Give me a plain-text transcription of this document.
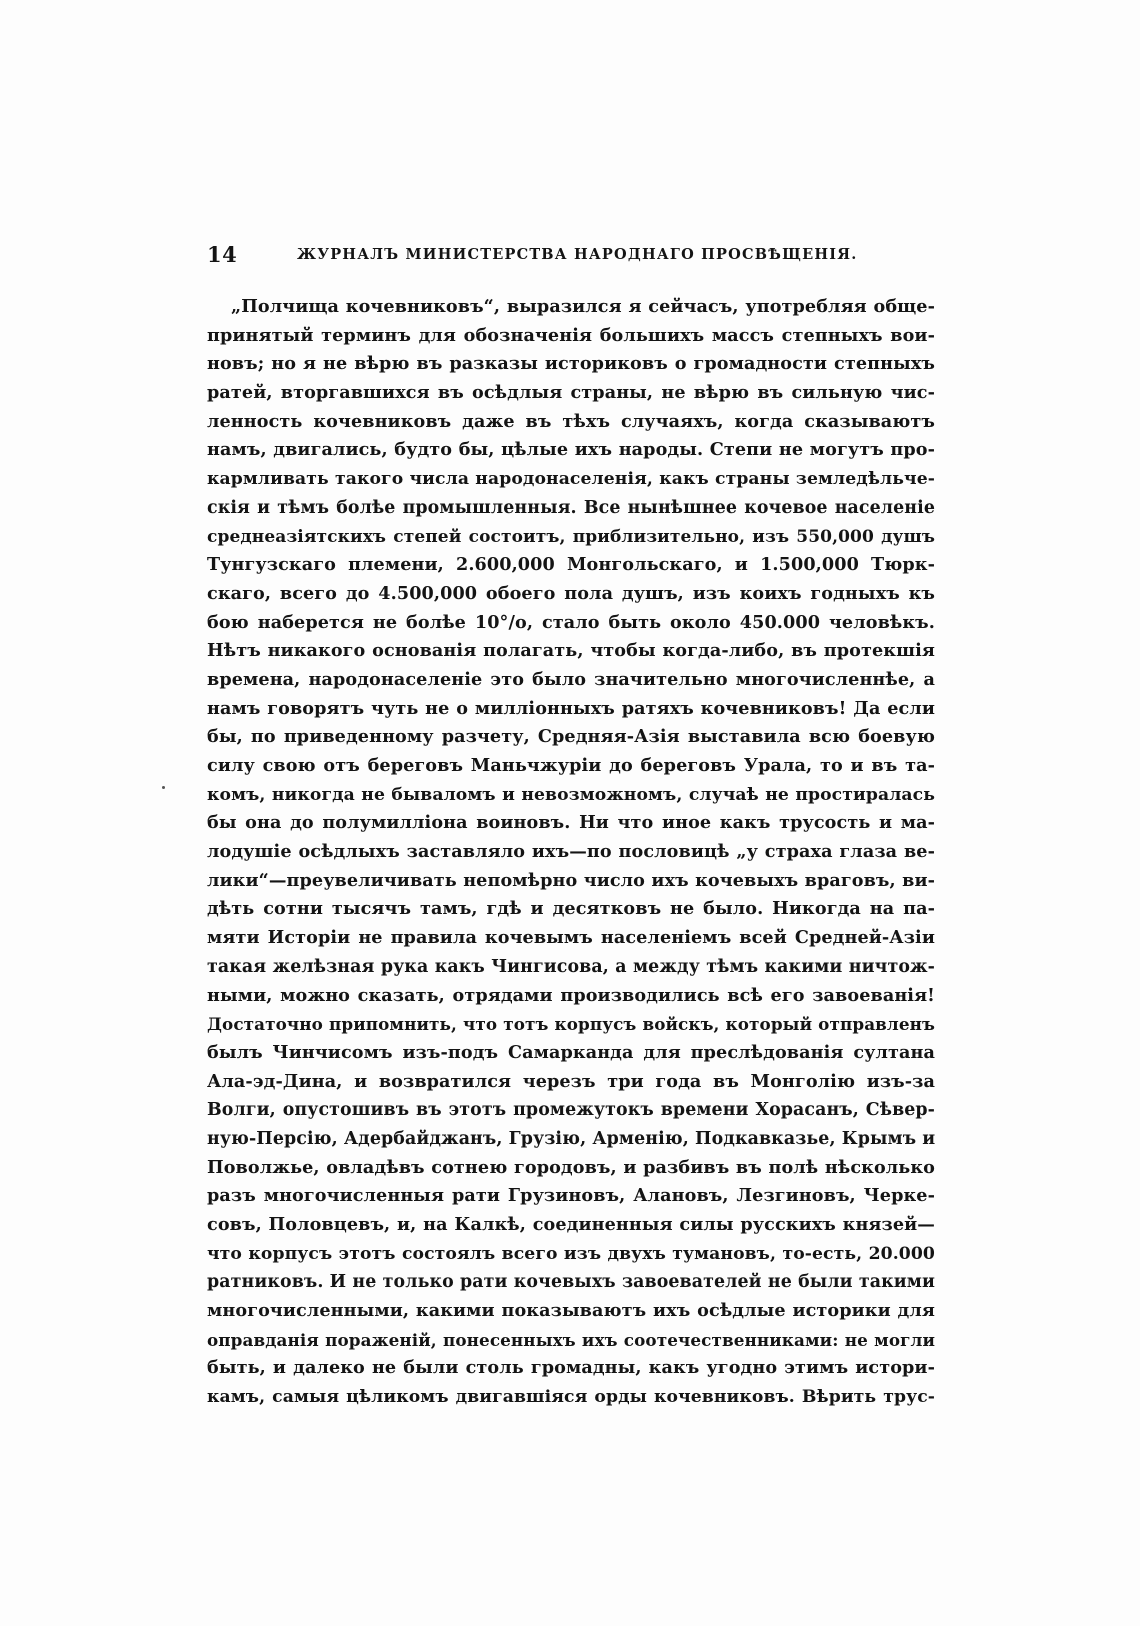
14	ЖУРНАЛЪ МИНИСТЕРСТВА НАРОДНАГО ПРОСВѢЩЕНІЯ.
„Полчища кочевниковъ“, выразился я сейчасъ, употребляя обще-
принятый терминъ для обозначенія большихъ массъ степныхъ вои-
новъ; но я не вѣрю въ разказы историковъ о громадности степныхъ
ратей, вторгавшихся въ осѣдлыя страны, не вѣрю въ сильную чис-
ленность кочевниковъ даже въ тѣхъ случаяхъ, когда сказываютъ
намъ, двигались, будто бы, цѣлые ихъ народы. Степи не могутъ про-
кармливать такого числа народонаселенія, какъ страны земледѣльче-
скія и тѣмъ болѣе промышленныя. Все нынѣшнее кочевое населеніе
среднеазіятскихъ степей состоитъ, приблизительно, изъ 550,000 душъ
Тунгузскаго племени, 2.600,000 Монгольскаго, и 1.500,000 Тюрк-
скаго, всего до 4.500,000 обоего пола душъ, изъ коихъ годныхъ къ
бою наберется не болѣе 10°/o, стало быть около 450.000 человѣкъ.
Нѣтъ никакого основанія полагать, чтобы когда-либо, въ протекшія
времена, народонаселеніе это было значительно многочисленнѣе, а
намъ говорятъ чуть не о милліонныхъ ратяхъ кочевниковъ! Да если
бы, по приведенному разчету, Средняя-Азія выставила всю боевую
силу свою отъ береговъ Маньчжуріи до береговъ Урала, то и въ та-
комъ, никогда не бываломъ и невозможномъ, случаѣ не простиралась
бы она до полумилліона воиновъ. Ни что иное какъ трусость и ма-
лодушіе осѣдлыхъ заставляло ихъ—по пословицѣ „у страха глаза ве-
лики“—преувеличивать непомѣрно число ихъ кочевыхъ враговъ, ви-
дѣть сотни тысячъ тамъ, гдѣ и десятковъ не было. Никогда на па-
мяти Исторіи не правила кочевымъ населеніемъ всей Средней-Азіи
такая желѣзная рука какъ Чингисова, а между тѣмъ какими ничтож-
ными, можно сказать, отрядами производились всѣ его завоеванія!
Достаточно припомнить, что тотъ корпусъ войскъ, который отправленъ
былъ Чинчисомъ изъ-подъ Самарканда для преслѣдованія султана
Ала-эд-Дина, и возвратился черезъ три года въ Монголію изъ-за
Волги, опустошивъ въ этотъ промежутокъ времени Хорасанъ, Сѣвер-
ную-Персію, Адербайджанъ, Грузію, Арменію, Подкавказье, Крымъ и
Поволжье, овладѣвъ сотнею городовъ, и разбивъ въ полѣ нѣсколько
разъ многочисленныя рати Грузиновъ, Алановъ, Лезгиновъ, Черке-
совъ, Половцевъ, и, на Калкѣ, соединенныя силы русскихъ князей—
что корпусъ этотъ состоялъ всего изъ двухъ тумановъ, то-есть, 20.000
ратниковъ. И не только рати кочевыхъ завоевателей не были такими
многочисленными, какими показываютъ ихъ осѣдлые историки для
оправданія пораженій, понесенныхъ ихъ соотечественниками: не могли
быть, и далеко не были столь громадны, какъ угодно этимъ истори-
камъ, самыя цѣликомъ двигавшіяся орды кочевниковъ. Вѣрить трус-
